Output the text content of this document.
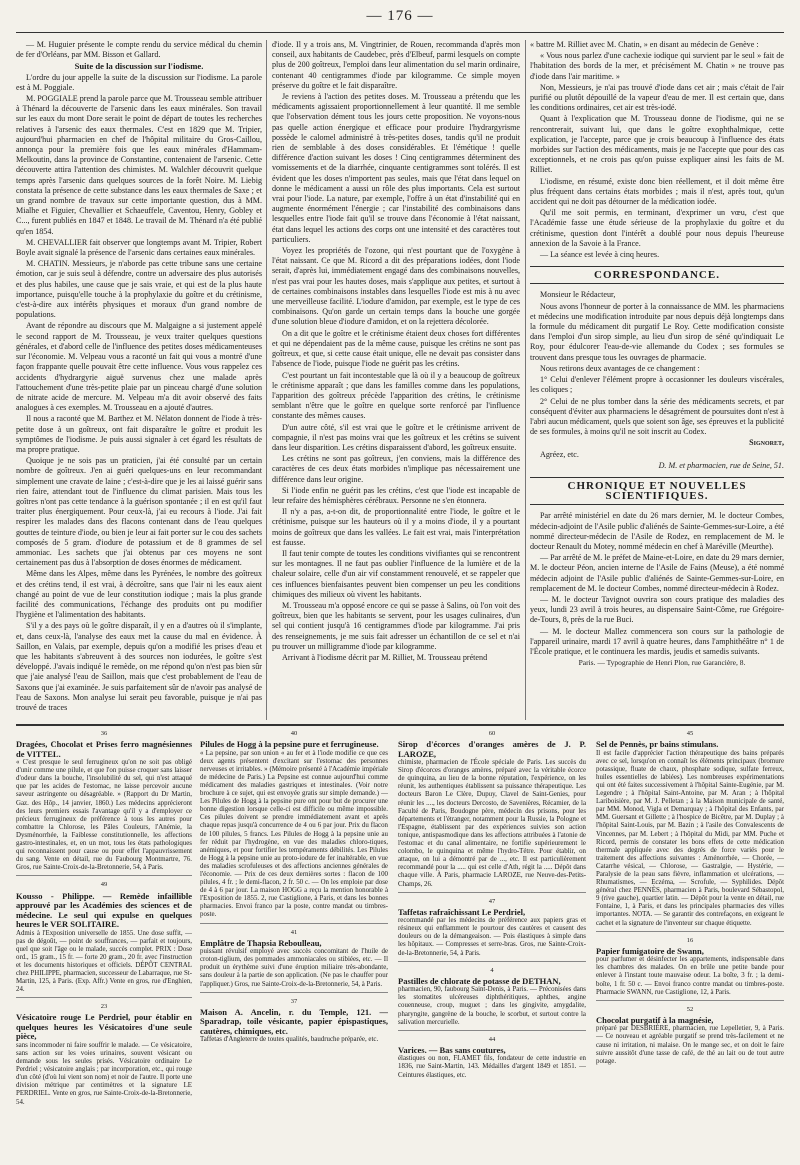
— 176 —

— M. Huguier présente le compte rendu du service médical du chemin de fer d'Orléans, par MM. Bisson et Gallard.

Suite de la discussion sur l'iodisme.

L'ordre du jour appelle la suite de la discussion sur l'iodisme. La parole est à M. Poggiale.

M. POGGIALE prend la parole parce que M. Trousseau semble attribuer à Thénard la découverte de l'arsenic dans les eaux minérales. Son travail sur les eaux du mont Dore serait le point de départ de toutes les recherches relatives à l'arsenic des eaux thermales. C'est en 1829 que M. Tripier, aujourd'hui pharmacien en chef de l'hôpital militaire du Gros-Caillou, annonça pour la première fois que les eaux minérales d'Hammam-Melkoutin, dans la province de Constantine, contenaient de l'arsenic. Cette découverte attira l'attention des chimistes. M. Walchler découvrit quelque temps après l'arsenic dans quelques sources de la forêt Noire. M. Liebig constata la présence de cette substance dans les eaux thermales de Saxe ; et un grand nombre de travaux sur cette importante question, dus à MM. Mialhe et Figuier, Chevallier et Schaeuffele, Caventou, Henry, Gobley et C..., furent publiés en 1847 et 1848. Le travail de M. Thénard n'a été publié qu'en 1854.

M. CHEVALLIER fait observer que longtemps avant M. Tripier, Robert Boyle avait signalé la présence de l'arsenic dans certaines eaux minérales.

M. CHATIN. Messieurs, je n'aborde pas cette tribune sans une certaine émotion, car je suis seul à défendre, contre un adversaire des plus autorisés et des plus habiles, une cause que je sais vraie, et qui est de la plus haute importance, puisqu'elle touche à la prophylaxie du goître et du crétinisme, c'est-à-dire aux intérêts physiques et moraux d'un grand nombre de populations.

Avant de répondre au discours que M. Malgaigne a si justement appelé le second rapport de M. Trousseau, je veux traiter quelques questions générales, et d'abord celle de l'influence des petites doses médicamenteuses sur l'économie. M. Velpeau vous a raconté un fait qui vous a montré d'une façon frappante quelle pouvait être cette influence. Vous vous rappelez ces accidents d'hydrargyrie aiguë survenus chez une malade après l'attouchement d'une très-petite plaie par un pinceau chargé d'une solution de nitrate acide de mercure. M. Velpeau m'a dit avoir observé des faits analogues à ces exemples. M. Trousseau en a ajouté d'autres.

Il nous a raconté que M. Barthez et M. Nélaton donnent de l'iode à très-petite dose à un goîtreux, ont fait disparaître le goître et produit les symptômes de l'iodisme. Je puis aussi signaler à cet égard les résultats de ma propre pratique.

Quoique je ne sois pas un praticien, j'ai été consulté par un certain nombre de goîtreux. J'en ai guéri quelques-uns en leur recommandant simplement une cravate de laine ; c'est-à-dire que je les ai laissé guérir sans rien faire, attendant tout de l'influence du climat parisien. Mais tous les goîtres n'ont pas cette tendance à la guérison spontanée ; il en est qu'il faut traiter plus énergiquement. Pour ceux-là, j'ai eu recours à l'iode. J'ai fait respirer les malades dans des flacons contenant dans de l'eau quelques gouttes de teinture d'iode, ou bien je leur ai fait porter sur le cou des sachets composés de 5 gram. d'iodure de potassium et de 8 grammes de sel ammoniac. Les sachets que j'ai obtenus par ces moyens ne sont certainement pas dus à l'absorption de doses énormes de médicament.

Même dans les Alpes, même dans les Pyrénées, le nombre des goîtreux et des crétins tend, il est vrai, à décroître, sans que l'air ni les eaux aient changé au point de vue de leur constitution iodique ; mais la plus grande facilité des communications, l'échange des produits ont pu modifier l'hygiène et l'alimentation des habitants.

S'il y a des pays où le goître disparaît, il y en a d'autres où il s'implante, et, dans ceux-là, l'analyse des eaux met la cause du mal en évidence. À Saillon, en Valais, par exemple, depuis qu'on a modifié les prises d'eau et que les habitants s'abreuvent à des sources non iodurées, le goître s'est développé. J'avais indiqué le remède, on me répond qu'on n'est pas bien sûr que j'aie analysé l'eau de Saillon, mais que c'est probablement de l'eau de Saxons que j'ai examinée. Je suis parfaitement sûr de n'avoir pas analysé de l'eau de Saxons. Mon analyse lui serait peu favorable, puisque je n'ai pas trouvé de traces

d'iode. Il y a trois ans, M. Vingtrinier, de Rouen, recommanda d'après mon conseil, aux habitants de Caudebec, près d'Elbeuf, parmi lesquels on compte plus de 200 goîtreux, l'emploi dans leur alimentation du sel marin ordinaire, contenant 40 centigrammes d'iode par kilogramme. Ce simple moyen préserve du goître et le fait disparaître.

Je reviens à l'action des petites doses. M. Trousseau a prétendu que les médicaments agissaient proportionnellement à leur quantité. Il me semble que l'observation dément tous les jours cette proposition. Ne voyons-nous pas quelle action énergique et efficace pour produire l'hydrargyrisme possède le calomel administré à très-petites doses, tandis qu'il ne produit rien de semblable à des doses considérables. Et l'émétique ! quelle différence d'action suivant les doses ! Cinq centigrammes déterminent des vomissements et de la diarrhée, cinquante centigrammes sont tolérés. Il est évident que les doses n'importent pas seules, mais que l'état dans lequel on donne le médicament a aussi un rôle des plus importants. Cela est surtout vrai pour l'iode. La nature, par exemple, l'offre à un état d'instabilité qui en augmente énormément l'énergie ; car l'instabilité des combinaisons dans lesquelles entre l'iode fait qu'il se trouve dans l'économie à l'état naissant, état dans lequel les actions des corps ont une intensité et des caractères tout particuliers.

Voyez les propriétés de l'ozone, qui n'est pourtant que de l'oxygène à l'état naissant. Ce que M. Ricord a dit des préparations iodées, dont l'iode serait, d'après lui, immédiatement engagé dans des combinaisons nouvelles, n'est pas vrai pour les hautes doses, mais s'applique aux petites, et surtout à de certaines combinaisons instables dans lesquelles l'iode est mis à nu avec une merveilleuse facilité. L'iodure d'amidon, par exemple, est le type de ces combinaisons. Qu'on garde un certain temps dans la bouche une gorgée d'une solution bleue d'iodure d'amidon, et on la rejettera décolorée.

On a dit que le goître et le crétinisme étaient deux choses fort différentes et qui ne dépendaient pas de la même cause, puisque les crétins ne sont pas goîtreux, et que, si cette cause était unique, elle ne devait pas consister dans l'absence de l'iode, puisque l'iode ne guérit pas les crétins.

C'est pourtant un fait incontestable que là où il y a beaucoup de goîtreux le crétinisme apparaît ; que dans les familles comme dans les populations, l'apparition des goîtreux précède l'apparition des crétins, le crétinisme semblant n'être que le goître en quelque sorte renforcé par l'influence constante des mêmes causes.

D'un autre côté, s'il est vrai que le goître et le crétinisme arrivent de compagnie, il n'est pas moins vrai que les goîtreux et les crétins se suivent dans leur disparition. Les crétins disparaissent d'abord, les goîtreux ensuite.

Les crétins ne sont pas goîtreux, j'en conviens, mais la différence des caractères de ces deux états morbides n'implique pas nécessairement une différence dans leur origine.

Si l'iode enfin ne guérit pas les crétins, c'est que l'iode est incapable de leur refaire des hémisphères cérébraux. Personne ne s'en étonnera.

Il n'y a pas, a-t-on dit, de proportionnalité entre l'iode, le goître et le crétinisme, puisque sur les hauteurs où il y a moins d'iode, il y a pourtant moins de goîtreux que dans les vallées. Le fait est vrai, mais l'interprétation est fausse.

Il faut tenir compte de toutes les conditions vivifiantes qui se rencontrent sur les montagnes. Il ne faut pas oublier l'influence de la lumière et de la chaleur solaire, celle d'un air vif constamment renouvelé, et se rappeler que ces influences bienfaisantes peuvent bien compenser un peu les conditions chimiques des milieux où vivent les habitants.

M. Trousseau m'a opposé encore ce qui se passe à Salins, où l'on voit des goîtreux, bien que les habitants se servent, pour les usages culinaires, d'un sel qui contient jusqu'à 16 centigrammes d'iode par kilogramme. J'ai pris des renseignements, je me suis fait adresser un échantillon de ce sel et n'ai pu trouver un milligramme d'iode par kilogramme.

Arrivant à l'iodisme décrit par M. Rilliet, M. Trousseau prétend

« battre M. Rilliet avec M. Chatin, » en disant au médecin de Genève :

« Vous nous parlez d'une cachexie iodique qui survient par le seul » fait de l'habitation des bords de la mer, et précisément M. Chatin » ne trouve pas d'iode dans l'air maritime. »

Non, Messieurs, je n'ai pas trouvé d'iode dans cet air ; mais c'était de l'air purifié ou plutôt dépouillé de la vapeur d'eau de mer. Il est certain que, dans les conditions ordinaires, cet air est très-iodé.

Quant à l'explication que M. Trousseau donne de l'iodisme, qui ne se rencontrerait, suivant lui, que dans le goître exophthalmique, cette explication, je l'accepte, parce que je crois beaucoup à l'influence des états morbides sur l'action des médicaments, mais je ne l'accepte que pour des cas exceptionnels, et ne crois pas qu'on puisse expliquer ainsi les faits de M. Rilliet.

L'iodisme, en résumé, existe donc bien réellement, et il doit même être plus fréquent dans certains états morbides ; mais il n'est, après tout, qu'un accident qui ne doit pas détourner de la médication iodée.

Qu'il me soit permis, en terminant, d'exprimer un vœu, c'est que l'Académie fasse une étude sérieuse de la prophylaxie du goître et du crétinisme, question dont l'intérêt a doublé pour nous depuis l'heureuse annexion de la Savoie à la France.

— La séance est levée à cinq heures.

CORRESPONDANCE.

Monsieur le Rédacteur,

Nous avons l'honneur de porter à la connaissance de MM. les pharmaciens et médecins une modification introduite par nous depuis déjà longtemps dans la formule du médicament dit purgatif Le Roy. Cette modification consiste dans l'emploi d'un sirop simple, au lieu d'un sirop de séné qu'indiquait Le Roy, pour édulcorer l'eau-de-vie allemande du Codex ; ses formules se trouvent dans presque tous les ouvrages de pharmacie.

Nous retirons deux avantages de ce changement :

1° Celui d'enlever l'élément propre à occasionner les douleurs viscérales, les coliques ;

2° Celui de ne plus tomber dans la série des médicaments secrets, et par conséquent d'éviter aux pharmaciens le désagrément de poursuites dont n'est à l'abri aucun médicament, quels que soient son âge, ses épreuves et la publicité de ses formules, à moins qu'il ne soit inscrit au Codex.

Signoret,

Agréez, etc.

D. M. et pharmacien, rue de Seine, 51.

CHRONIQUE ET NOUVELLES SCIENTIFIQUES.

Par arrêté ministériel en date du 26 mars dernier, M. le docteur Combes, médecin-adjoint de l'Asile public d'aliénés de Sainte-Gemmes-sur-Loire, a été nommé directeur-médecin de l'Asile de Rodez, en remplacement de M. le docteur Renault du Motey, nommé médecin en chef à Maréville (Meurthe).

— Par arrêté de M. le préfet de Maine-et-Loire, en date du 29 mars dernier, M. le docteur Péon, ancien interne de l'Asile de Fains (Meuse), a été nommé médecin adjoint de l'Asile public d'aliénés de Sainte-Gemmes-sur-Loire, en remplacement de M. le docteur Combes, nommé directeur-médecin à Rodez.

— M. le docteur Tavignot ouvrira son cours pratique des maladies des yeux, lundi 23 avril à trois heures, au dispensaire Saint-Côme, rue Grégoire-de-Tours, 8, près de la rue Buci.

— M. le docteur Mallez commencera son cours sur la pathologie de l'appareil urinaire, mardi 17 avril à quatre heures, dans l'amphithéâtre n° 1 de l'École pratique, et le continuera les mardis, jeudis et samedis suivants.

Paris. — Typographie de Henri Plon, rue Garancière, 8.

36
Dragées, Chocolat et Prises ferro magnésiennes de VITTEL.

« C'est presque le seul ferrugineux qu'on ne soit pas obligé d'unir comme une pilule, et que l'on puisse croquer sans laisser d'odeur dans la bouche, l'insolubilité du sel, qui n'est attaqué que par les acides de l'estomac, ne laisse percevoir aucune saveur astringente ou désagréable. » (Rapport du Dr Martin, Gaz. des Hôp., 14 janvier, 1860.) Les médecins apprécieront des leurs premiers essais l'avantage qu'il y a d'employer ce précieux ferrugineux de préférence à tous les autres pour combattre la Chlorose, les Pâles Couleurs, l'Anémie, la Dysménorrhée, la Faiblesse constitutionnelle, les affections gastro-intestinales, et, en un mot, tous les états pathologiques qui reconnaissent pour cause ou pour effet l'appauvrissement du sang. Vente en détail, rue du Faubourg Montmartre, 76. Gros, rue Sainte-Croix-de-la-Bretonnerie, 54, à Paris.

49
Kousso - Philippe. — Remède infaillible approuvé par les Académies des sciences et de médecine. Le seul qui expulse en quelques heures le VER SOLITAIRE.

Admis à l'Exposition universelle de 1855. Une dose suffit, — pas de dégoût, — point de souffrances, — parfait et toujours, quel que soit l'âge ou le malade, succès complet. PRIX : Dose ord., 15 gram., 15 fr. — forte 20 gram., 20 fr. avec l'instruction et les documents historiques et officiels. DÉPÔT CENTRAL chez PHILIPPE, pharmacien, successeur de Labarraque, rue St-Martin, 125, à Paris. (Exp. Affr.) Vente en gros, rue d'Enghien, 24.

23
Vésicatoire rouge Le Perdriel, pour établir en quelques heures les Vésicatoires d'une seule pièce,

sans incommoder ni faire souffrir le malade. — Ce vésicatoire, sans action sur les voies urinaires, souvent vésicant ou demande sous les seules prisés. Vésicatoire ordinaire Le Perdriel ; vésicatoire anglais ; par incorporation, etc., qui rouge d'un côté (d'où lui vient son nom) et noir de l'autre. Il porte une division métrique par centimètres et la signature LE PERDRIEL. Vente en gros, rue Sainte-Croix-de-la-Bretonnerie, 54.

40
Pilules de Hogg à la pepsine pure et ferrugineuse.

« La pepsine, par son union « au fer et à l'iode modifie ce que ces deux agents présentent d'excitant sur l'estomac des personnes nerveuses et irritables. » (Mémoire présenté à l'Académie impériale de médecine de Paris.) La Pepsine est connue aujourd'hui comme médicament des maladies gastriques et intestinales. (Voir notre brochure à ce sujet, qui est envoyée gratis sur simple demande.) — Les Pilules de Hogg à la pepsine pure ont pour but de procurer une bonne digestion lorsque celle-ci est difficile ou même impossible. Ces pilules doivent se prendre immédiatement avant et après chaque repas jusqu'à concurrence de 4 ou 6 par jour. Prix du flacon de 100 pilules, 5 francs. Les Pilules de Hogg à la pepsine unie au fer réduit par l'hydrogène, en vue des maladies chloro-tiques, anémiques, et pour fortifier les tempéraments débilités. Les Pilules de Hogg à la pepsine unie au proto-iodure de fer inaltérable, en vue des maladies scrofuleuses et des affections anciennes générales de l'économie. — Prix de ces deux dernières sortes : flacon de 100 pilules, 4 fr. ; le demi-flacon, 2 fr. 50 c. — On les emploie par dose de 4 à 6 par jour. La maison HOGG a reçu la mention honorable à l'Exposition de 1855. 2, rue Castiglione, à Paris, et dans les bonnes pharmacies. Envoi franco par la poste, contre mandat ou timbres-poste.

41
Emplâtre de Thapsia Reboulleau,

puissant révulsif employé avec succès concomitant de l'huile de croton-tiglium, des pommades ammoniacales ou stibiées, etc. — Il produit un érythème suivi d'une éruption miliaire très-abondante, sans douleur à la partie de son application. (Ne pas le chauffer pour l'appliquer.) Gros, rue Sainte-Croix-de-la-Bretonnerie, 54, à Paris.

37
Maison A. Ancelin, r. du Temple, 121. — Sparadrap, toile vésicante, papier épispastiques, cautères, chimiques, etc.

Taffetas d'Angleterre de toutes qualités, baudruche préparée, etc.

60
Sirop d'écorces d'oranges amères de J. P. LAROZE,

chimiste, pharmacien de l'École spéciale de Paris. Les succès du Sirop d'écorces d'oranges amères, préparé avec la véritable écorce de quinquina, au lieu de la bonne réputation, l'expérience, on les réunit, les authentiques établissent sa puissance thérapeutique. Les docteurs Baron Le Clère, Dupuy, Clavel de Saint-Genies, pour réunir les ...., les docteurs Dercosto, de Savenières, Récamier, de la Faculté de Paris, Boudogne père, médecin des prisons, pour les départements et l'étranger, notamment pour la Russie, la Pologne et l'Espagne, établissent par des expériences suivies son action tonique, antispasmodique dans les affections attribuées à l'atonie de l'estomac et du canal alimentaire, ne fortifie supérieurement le colombo, le quinquina et même l'hydro-Tétre. Pour établir, on attaque, on lui a démontré par de ..., etc. Il est particulièrement recommandé pour la ..... qui est celle d'Ath, régit la ..... Dépôt dans chaque ville. À Paris, pharmacie LAROZE, rue Neuve-des-Petits-Champs, 26.

47
Taffetas rafraîchissant Le Perdriel,

recommandé par les médecins de préférence aux papiers gras et résineux qui enflamment le pourtour des cautères et causent des douleurs ou de la démangeaison. — Pois élastiques à simple dans les hôpitaux. — Compresses et serre-bras. Gros, rue Sainte-Croix-de-la-Bretonnerie, 54, à Paris.

4
Pastilles de chlorate de potasse de DETHAN,

pharmacien, 90, faubourg Saint-Denis, à Paris. — Préconisées dans les stomatites ulcéreuses diphthéritiques, aphthes, angine couenneuse, croup, muguet ; dans les gingivite, amygdalite, pharyngite, gangrène de la bouche, le scorbut, et surtout contre la salivation mercurielle.

44
Varices. — Bas sans coutures,

élastiques ou non, FLAMET fils, fondateur de cette industrie en 1836, rue Saint-Martin, 143. Médailles d'argent 1849 et 1851. — Ceintures élastiques, etc.

45
Sel de Pennès, pr bains stimulans.

Il est facile d'apprécier l'action thérapeutique des bains préparés avec ce sel, lorsqu'on en connaît les éléments principaux (bromure potassique, fluate de chaux, phosphate sodique, sulfate ferreux, huiles essentielles de labiées). Les nombreuses expérimentations qui ont été faites successivement à l'hôpital Sainte-Eugénie, par M. Legendre ; à l'hôpital Saint-Antoine, par M. Aran ; à l'hôpital Lariboisière, par M. J. Pelletan ; à la Maison municipale de santé, par MM. Monod, Vigla et Demarquay ; à l'hôpital des Enfants, par MM. Guersant et Gillette ; à l'hospice de Bicêtre, par M. Duplay ; à l'hôpital Saint-Louis, par M. Bazin ; à l'asile des Convalescents de Vincennes, par M. Lebert ; à l'hôpital du Midi, par MM. Puche et Ricord, permis de constater les bons effets de cette médication thermale appliquée avec des degrés de force variés pour le traitement des affections suivantes : Aménorrhée, — Chorée, — Catarrhe vésical, — Chlorose, — Gastralgie, — Hystérie, — Paralysie de la peau sans fièvre, inflammation et ulcérations, — Rhumatismes, — Eczéma, — Scrofule, — Syphilides. Dépôt général chez PENNÈS, pharmacien à Paris, boulevard Sébastopol, 9 (rive gauche), quartier latin. — Dépôt pour la vente en détail, rue Fontaine, 1, à Paris, et dans les principales pharmacies des villes importantes. NOTA. — Se garantir des contrefaçons, en exigeant le cachet et la signature de l'inventeur sur chaque étiquette.

16
Papier fumigatoire de Swann,

pour parfumer et désinfecter les appartements, indispensable dans les chambres des malades. On en brûle une petite bande pour enlever à l'instant toute mauvaise odeur. La boîte, 3 fr. ; la demi-boîte, 1 fr. 50 c. — Envoi franco contre mandat ou timbres-poste. Pharmacie SWANN, rue Castiglione, 12, à Paris.

52
Chocolat purgatif à la magnésie,

préparé par DESBRIÈRE, pharmacien, rue Lepelletier, 9, à Paris. — Ce nouveau et agréable purgatif se prend très-facilement et ne cause ni irritation, ni malaise. On le mange sec, et on doit le faire suivre aussitôt d'une tasse de café, de thé au lait ou de tout autre potage.
